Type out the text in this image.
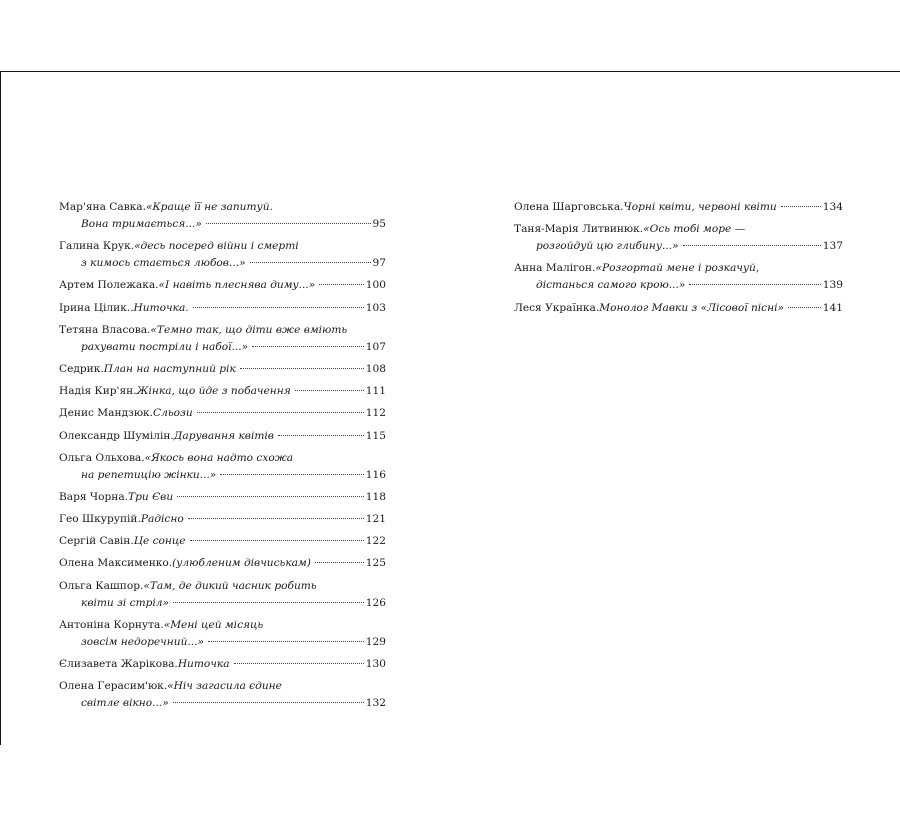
Мар'яна Савка. «Краще її не запитуй.
Вона тримається...»	95
Галина Крук. «десь посеред війни і смерті
з кимось стається любов...»	97
Артем Полежака. «І навіть плеснява диму...»	100
Ірина Цілик. .Ниточка.	103
Тетяна Власова. «Темно так, що діти вже вміють
рахувати постріли і набої...»	107
Седрик. План на наступний рік	108
Надія Кир'ян. Жінка, що йде з побачення	111
Денис Мандзюк. Сльози	112
Олександр Шумілін. Дарування квітів	115
Ольга Ольхова. «Якось вона надто схожа
на репетицію жінки...»	116
Варя Чорна. Три Єви	118
Гео Шкурупій. Радісно	121
Сергій Савін. Це сонце	122
Олена Максименко. (улюбленим дівчиськам)	125
Ольга Кашпор. «Там, де дикий часник робить
квіти зі стріл»	126
Антоніна Корнута. «Мені цей місяць
зовсім недоречний...»	129
Єлизавета Жарікова. Ниточка	130
Олена Герасим'юк. «Ніч загасила єдине
світле вікно...»	132
Олена Шарговська. Чорні квіти, червоні квіти	134
Таня-Марія Литвинюк. «Ось тобі море —
розгойдуй цю глибину...»	137
Анна Малігон. «Розгортай мене і розкачуй,
дістанься самого крою...»	139
Леся Українка. Монолог Мавки з «Лісової пісні»	141
